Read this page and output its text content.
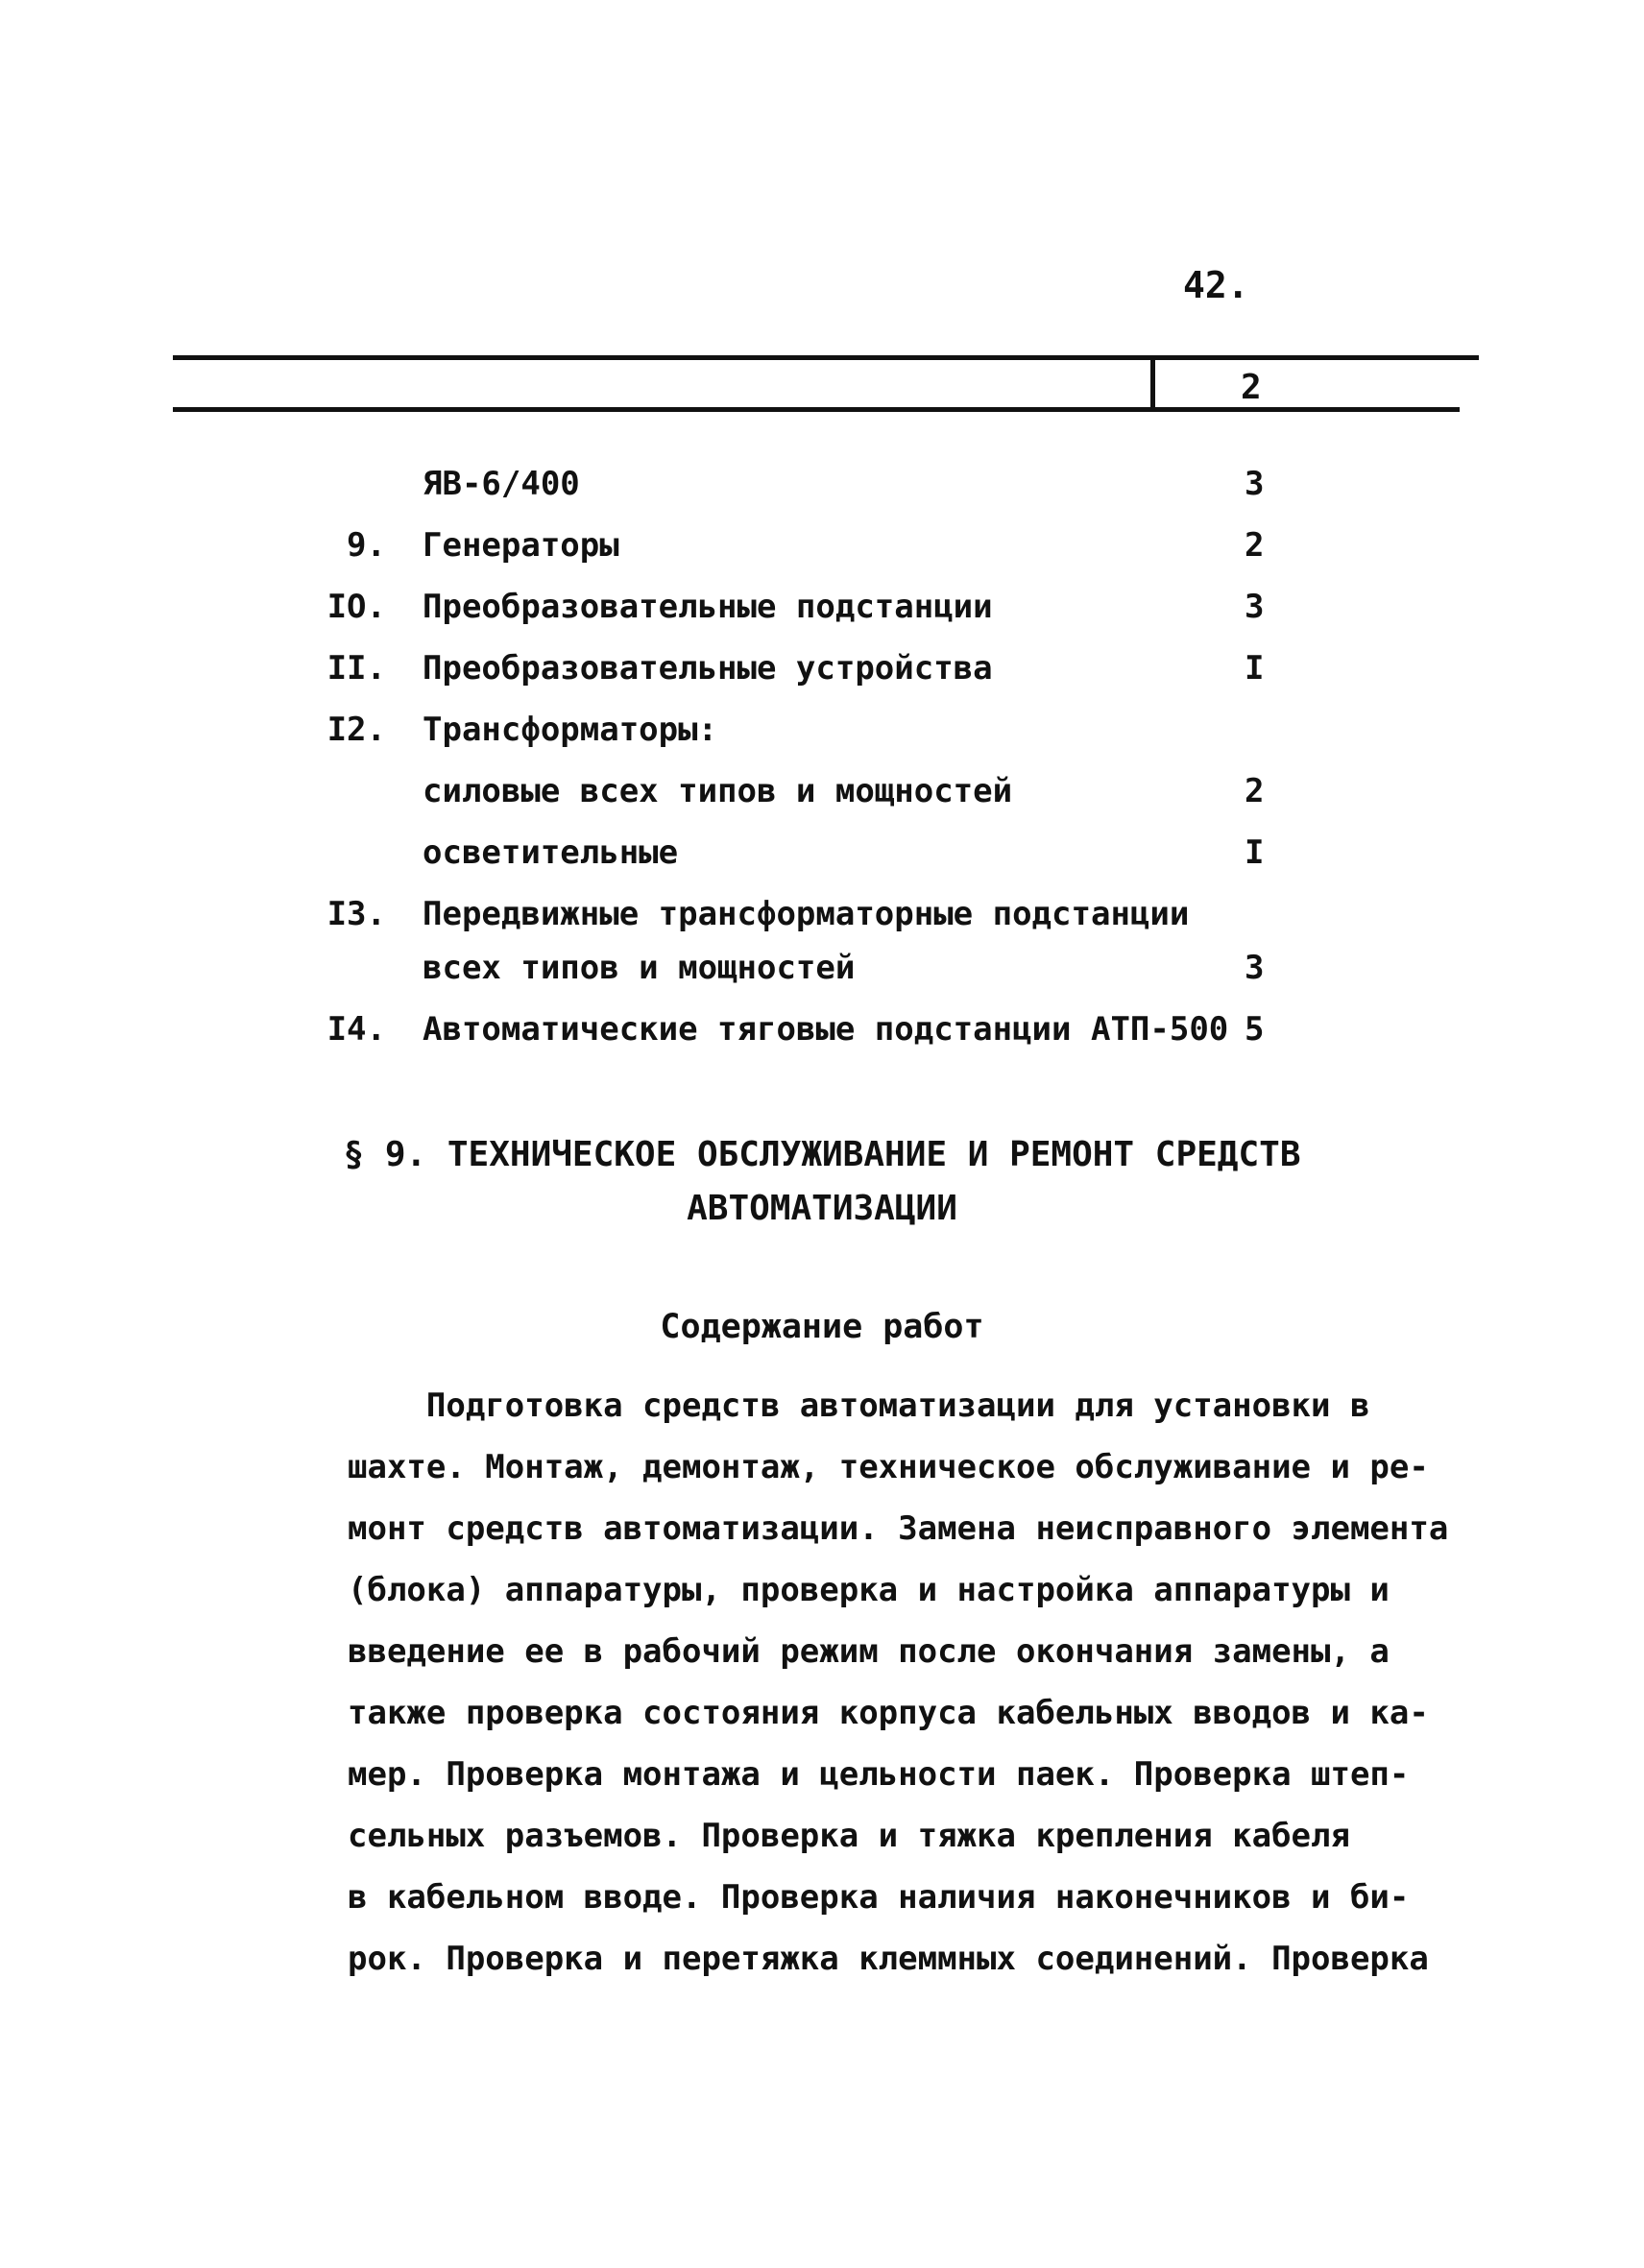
42.
2
ЯВ-6/400	3
9. Генераторы	2
IO. Преобразовательные подстанции	3
II. Преобразовательные устройства	I
I2. Трансформаторы:
силовые всех типов и мощностей	2
осветительные	I
I3. Передвижные трансформаторные подстанции
всех типов и мощностей	3
I4. Автоматические тяговые подстанции АТП-500 5
§ 9. ТЕХНИЧЕСКОЕ ОБСЛУЖИВАНИЕ И РЕМОНТ СРЕДСТВ
АВТОМАТИЗАЦИИ
Содержание работ
Подготовка средств автоматизации для установки в
шахте. Монтаж, демонтаж, техническое обслуживание и ре-
монт средств автоматизации. Замена неисправного элемента
(блока) аппаратуры, проверка и настройка аппаратуры и
введение ее в рабочий режим после окончания замены, а
также проверка состояния корпуса кабельных вводов и ка-
мер. Проверка монтажа и цельности паек. Проверка штеп-
сельных разъемов. Проверка и тяжка крепления кабеля
в кабельном вводе. Проверка наличия наконечников и би-
рок. Проверка и перетяжка клеммных соединений. Проверка
